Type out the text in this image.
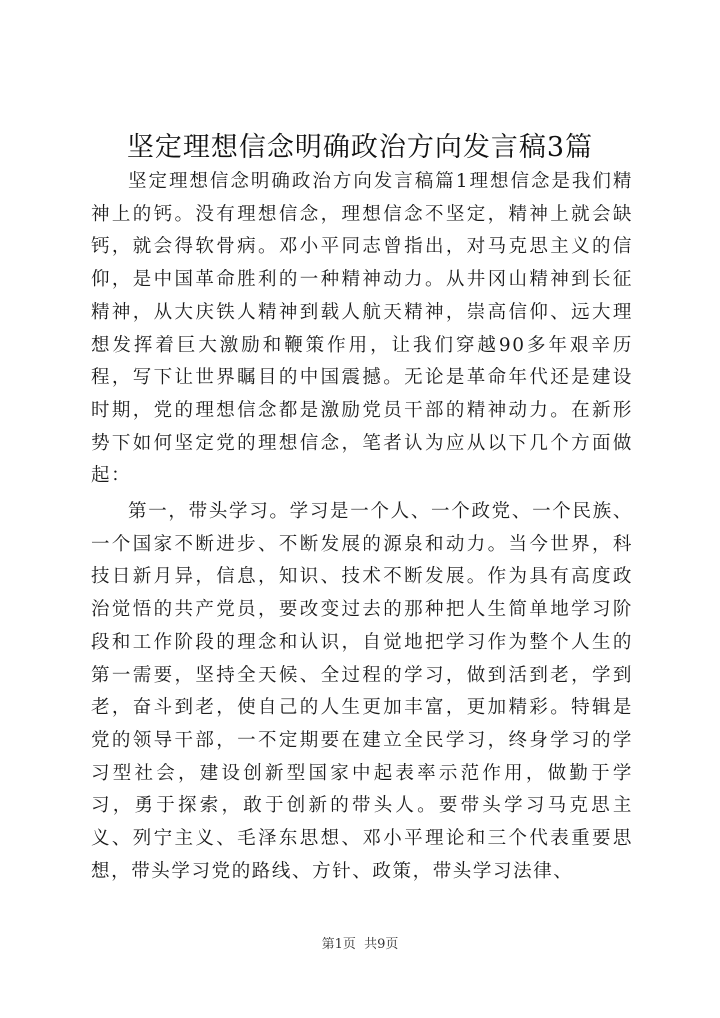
坚定理想信念明确政治方向发言稿3篇

坚定理想信念明确政治方向发言稿篇1理想信念是我们精神上的钙。没有理想信念，理想信念不坚定，精神上就会缺钙，就会得软骨病。邓小平同志曾指出，对马克思主义的信仰，是中国革命胜利的一种精神动力。从井冈山精神到长征精神，从大庆铁人精神到载人航天精神，崇高信仰、远大理想发挥着巨大激励和鞭策作用，让我们穿越90多年艰辛历程，写下让世界瞩目的中国震撼。无论是革命年代还是建设时期，党的理想信念都是激励党员干部的精神动力。在新形势下如何坚定党的理想信念，笔者认为应从以下几个方面做起：

第一，带头学习。学习是一个人、一个政党、一个民族、一个国家不断进步、不断发展的源泉和动力。当今世界，科技日新月异，信息，知识、技术不断发展。作为具有高度政治觉悟的共产党员，要改变过去的那种把人生简单地学习阶段和工作阶段的理念和认识，自觉地把学习作为整个人生的第一需要，坚持全天候、全过程的学习，做到活到老，学到老，奋斗到老，使自己的人生更加丰富，更加精彩。特辑是党的领导干部，一不定期要在建立全民学习，终身学习的学习型社会，建设创新型国家中起表率示范作用，做勤于学习，勇于探索，敢于创新的带头人。要带头学习马克思主义、列宁主义、毛泽东思想、邓小平理论和三个代表重要思想，带头学习党的路线、方针、政策，带头学习法律、

第1页 共9页
